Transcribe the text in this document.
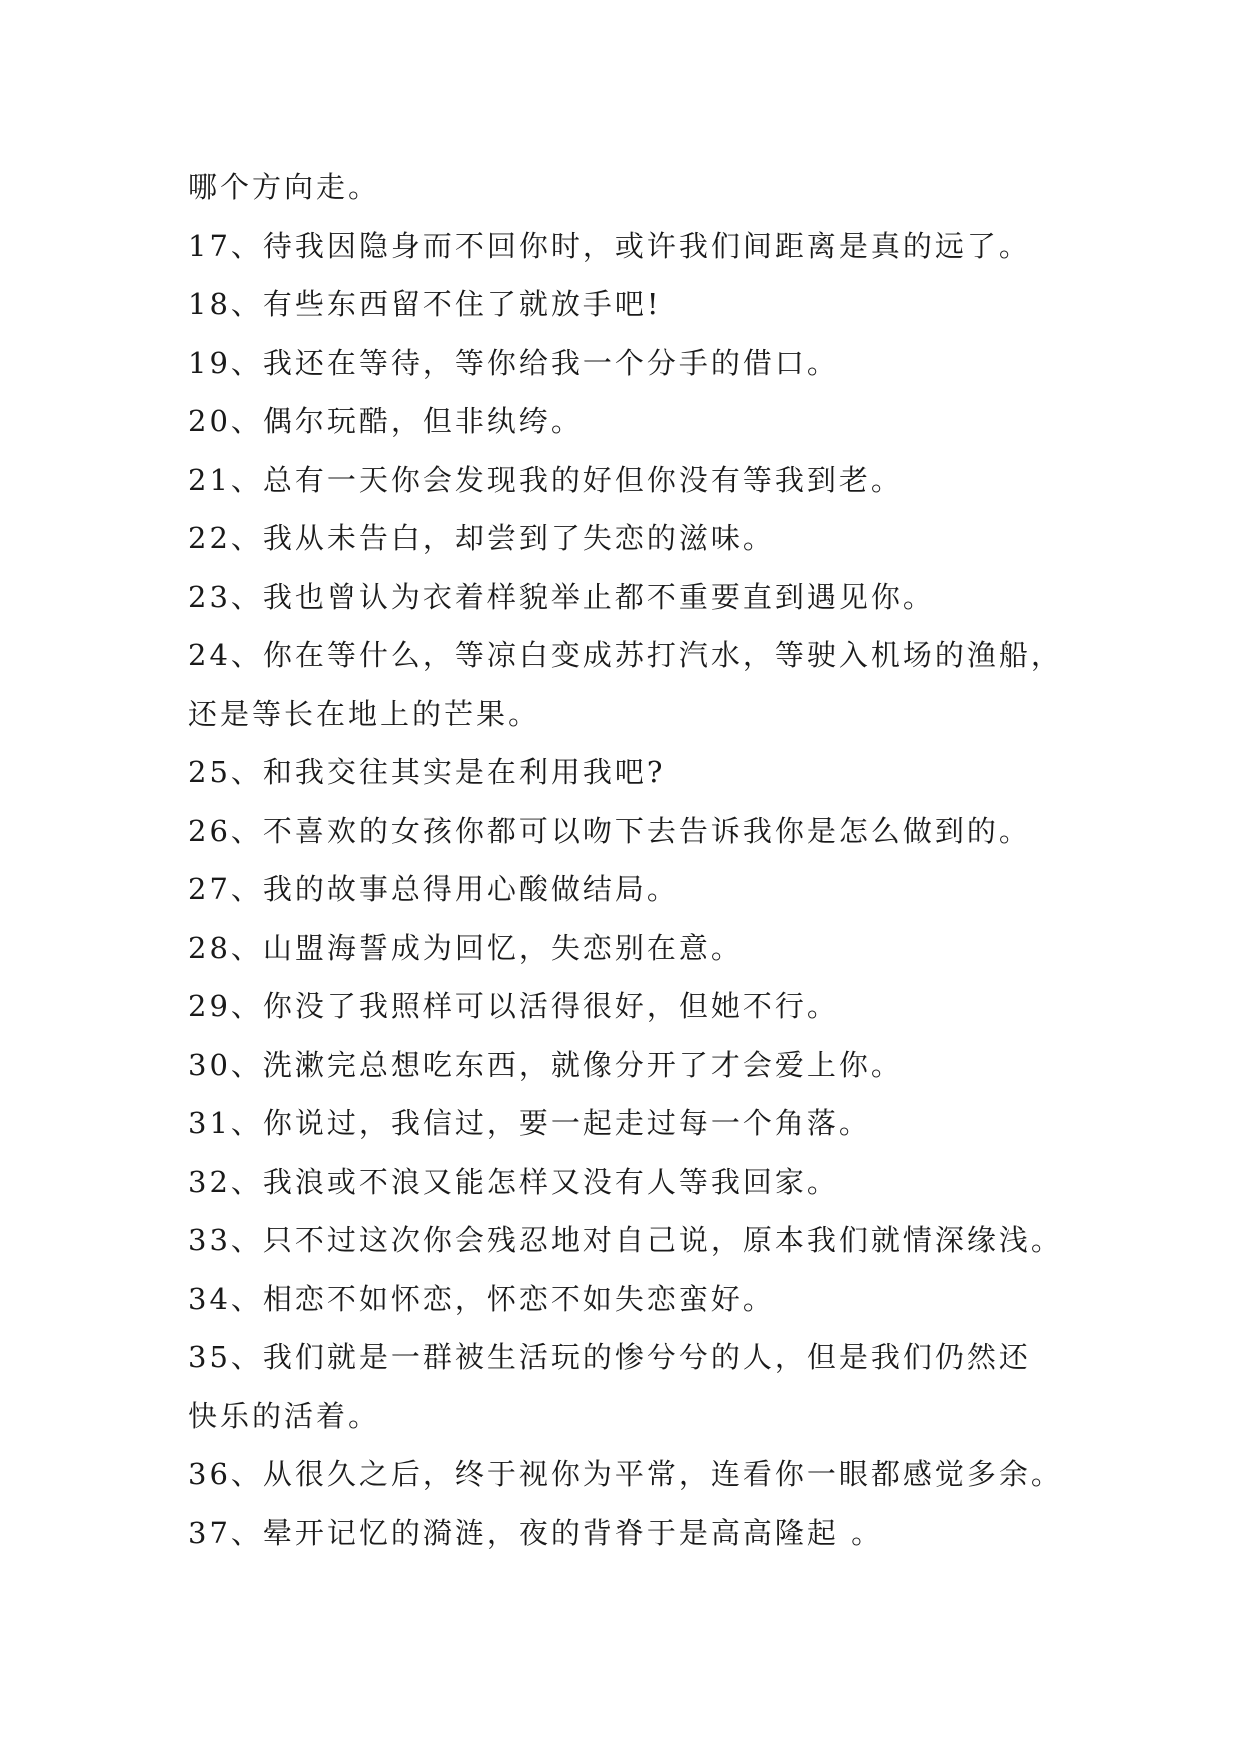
哪个方向走。
17、待我因隐身而不回你时，或许我们间距离是真的远了。
18、有些东西留不住了就放手吧!
19、我还在等待，等你给我一个分手的借口。
20、偶尔玩酷，但非纨绔。
21、总有一天你会发现我的好但你没有等我到老。
22、我从未告白，却尝到了失恋的滋味。
23、我也曾认为衣着样貌举止都不重要直到遇见你。
24、你在等什么，等凉白变成苏打汽水，等驶入机场的渔船，
还是等长在地上的芒果。
25、和我交往其实是在利用我吧?
26、不喜欢的女孩你都可以吻下去告诉我你是怎么做到的。
27、我的故事总得用心酸做结局。
28、山盟海誓成为回忆，失恋别在意。
29、你没了我照样可以活得很好，但她不行。
30、洗漱完总想吃东西，就像分开了才会爱上你。
31、你说过，我信过，要一起走过每一个角落。
32、我浪或不浪又能怎样又没有人等我回家。
33、只不过这次你会残忍地对自己说，原本我们就情深缘浅。
34、相恋不如怀恋，怀恋不如失恋蛮好。
35、我们就是一群被生活玩的惨兮兮的人，但是我们仍然还
快乐的活着。
36、从很久之后，终于视你为平常，连看你一眼都感觉多余。
37、晕开记忆的漪涟，夜的背脊于是高高隆起 。
